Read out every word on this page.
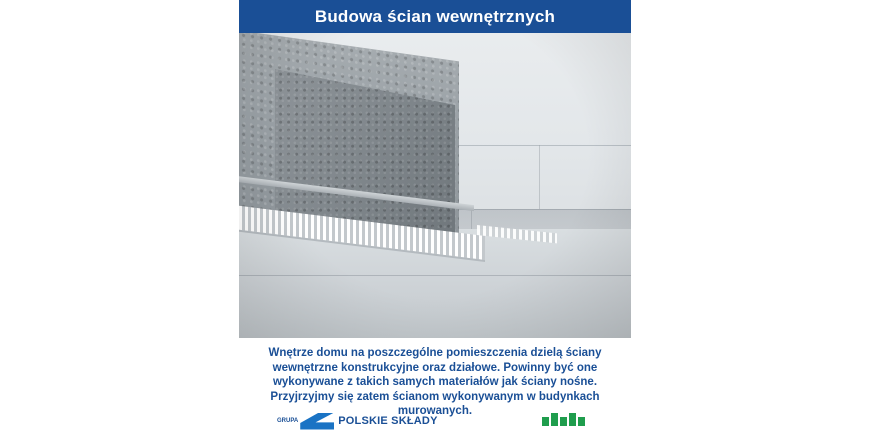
Budowa ścian wewnętrznych
Wnętrze domu na poszczególne pomieszczenia dzielą ściany wewnętrzne konstrukcyjne oraz działowe. Powinny być one wykonywane z takich samych materiałów jak ściany nośne. Przyjrzyjmy się zatem ścianom wykonywanym w budynkach murowanych.
GRUPA	POLSKIE SKŁADY
